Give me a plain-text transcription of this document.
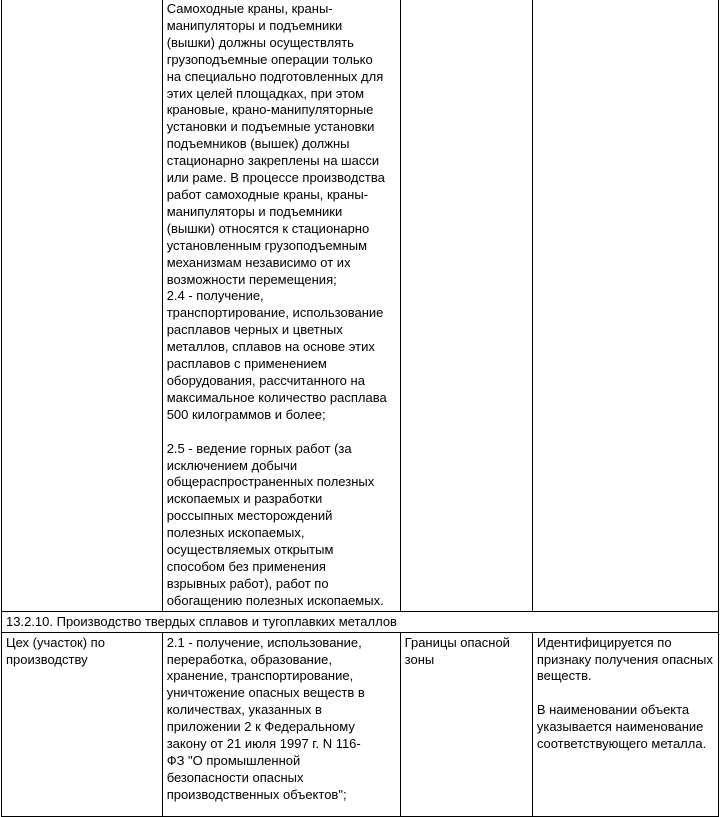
	Самоходные краны, краны-манипуляторы и подъемники (вышки) должны осуществлять грузоподъемные операции только на специально подготовленных для этих целей площадках, при этом крановые, крано-манипуляторные установки и подъемные установки подъемников (вышек) должны стационарно закреплены на шасси или раме. В процессе производства работ самоходные краны, краны-манипуляторы и подъемники (вышки) относятся к стационарно установленным грузоподъемным механизмам независимо от их возможности перемещения;

2.4 - получение, транспортирование, использование расплавов черных и цветных металлов, сплавов на основе этих расплавов с применением оборудования, рассчитанного на максимальное количество расплава 500 килограммов и более;

2.5 - ведение горных работ (за исключением добычи общераспространенных полезных ископаемых и разработки россыпных месторождений полезных ископаемых, осуществляемых открытым способом без применения взрывных работ), работ по обогащению полезных ископаемых.		

13.2.10. Производство твердых сплавов и тугоплавких металлов			
Цех (участок) по производству	2.1 - получение, использование, переработка, образование, хранение, транспортирование, уничтожение опасных веществ в количествах, указанных в приложении 2 к Федеральному закону от 21 июля 1997 г. N 116-ФЗ "О промышленной безопасности опасных производственных объектов";	Границы опасной зоны	Идентифицируется по признаку получения опасных веществ.

В наименовании объекта указывается наименование соответствующего металла.
